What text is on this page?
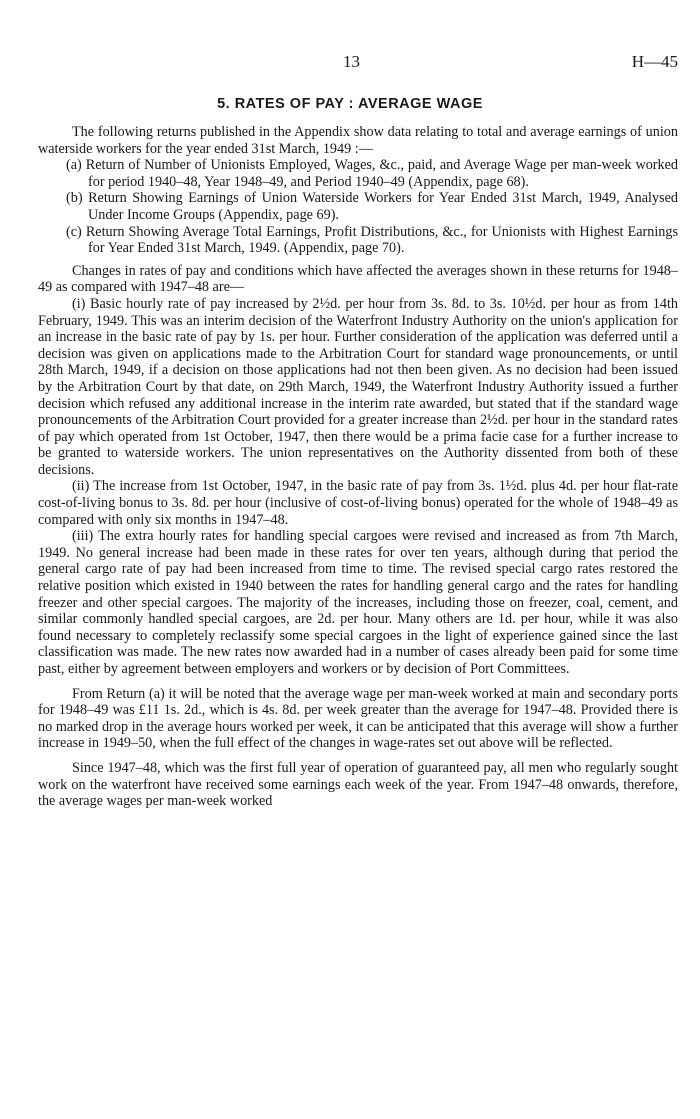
13	H—45
5. RATES OF PAY : AVERAGE WAGE

The following returns published in the Appendix show data relating to total and average earnings of union waterside workers for the year ended 31st March, 1949 :—

(a) Return of Number of Unionists Employed, Wages, &c., paid, and Average Wage per man-week worked for period 1940–48, Year 1948–49, and Period 1940–49 (Appendix, page 68).

(b) Return Showing Earnings of Union Waterside Workers for Year Ended 31st March, 1949, Analysed Under Income Groups (Appendix, page 69).

(c) Return Showing Average Total Earnings, Profit Distributions, &c., for Unionists with Highest Earnings for Year Ended 31st March, 1949. (Appendix, page 70).

Changes in rates of pay and conditions which have affected the averages shown in these returns for 1948–49 as compared with 1947–48 are—

(i) Basic hourly rate of pay increased by 2½d. per hour from 3s. 8d. to 3s. 10½d. per hour as from 14th February, 1949. This was an interim decision of the Waterfront Industry Authority on the union's application for an increase in the basic rate of pay by 1s. per hour. Further consideration of the application was deferred until a decision was given on applications made to the Arbitration Court for standard wage pronouncements, or until 28th March, 1949, if a decision on those applications had not then been given. As no decision had been issued by the Arbitration Court by that date, on 29th March, 1949, the Waterfront Industry Authority issued a further decision which refused any additional increase in the interim rate awarded, but stated that if the standard wage pronouncements of the Arbitration Court provided for a greater increase than 2½d. per hour in the standard rates of pay which operated from 1st October, 1947, then there would be a prima facie case for a further increase to be granted to waterside workers. The union representatives on the Authority dissented from both of these decisions.

(ii) The increase from 1st October, 1947, in the basic rate of pay from 3s. 1½d. plus 4d. per hour flat-rate cost-of-living bonus to 3s. 8d. per hour (inclusive of cost-of-living bonus) operated for the whole of 1948–49 as compared with only six months in 1947–48.

(iii) The extra hourly rates for handling special cargoes were revised and increased as from 7th March, 1949. No general increase had been made in these rates for over ten years, although during that period the general cargo rate of pay had been increased from time to time. The revised special cargo rates restored the relative position which existed in 1940 between the rates for handling general cargo and the rates for handling freezer and other special cargoes. The majority of the increases, including those on freezer, coal, cement, and similar commonly handled special cargoes, are 2d. per hour. Many others are 1d. per hour, while it was also found necessary to completely reclassify some special cargoes in the light of experience gained since the last classification was made. The new rates now awarded had in a number of cases already been paid for some time past, either by agreement between employers and workers or by decision of Port Committees.

From Return (a) it will be noted that the average wage per man-week worked at main and secondary ports for 1948–49 was £11 1s. 2d., which is 4s. 8d. per week greater than the average for 1947–48. Provided there is no marked drop in the average hours worked per week, it can be anticipated that this average will show a further increase in 1949–50, when the full effect of the changes in wage-rates set out above will be reflected.

Since 1947–48, which was the first full year of operation of guaranteed pay, all men who regularly sought work on the waterfront have received some earnings each week of the year. From 1947–48 onwards, therefore, the average wages per man-week worked
